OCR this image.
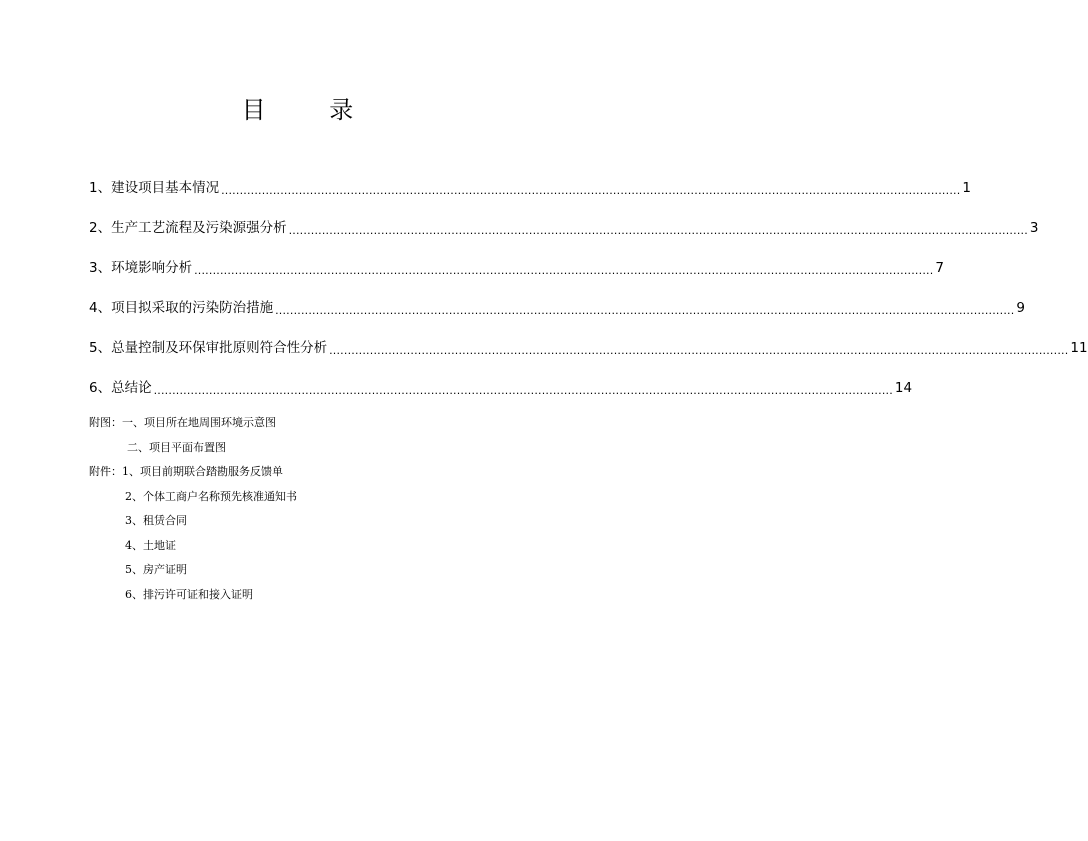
目 录
1、建设项目基本情况 ........................................................................................................................................................................................................ 1
2、生产工艺流程及污染源强分析 ........................................................................................................................................................................................................ 3
3、环境影响分析 ........................................................................................................................................................................................................ 7
4、项目拟采取的污染防治措施 ........................................................................................................................................................................................................ 9
5、总量控制及环保审批原则符合性分析 ........................................................................................................................................................................................................ 11
6、总结论 ........................................................................................................................................................................................................ 14
附图：一、项目所在地周围环境示意图
二、项目平面布置图
附件：1、项目前期联合踏勘服务反馈单
2、个体工商户名称预先核准通知书
3、租赁合同
4、土地证
5、房产证明
6、排污许可证和接入证明
